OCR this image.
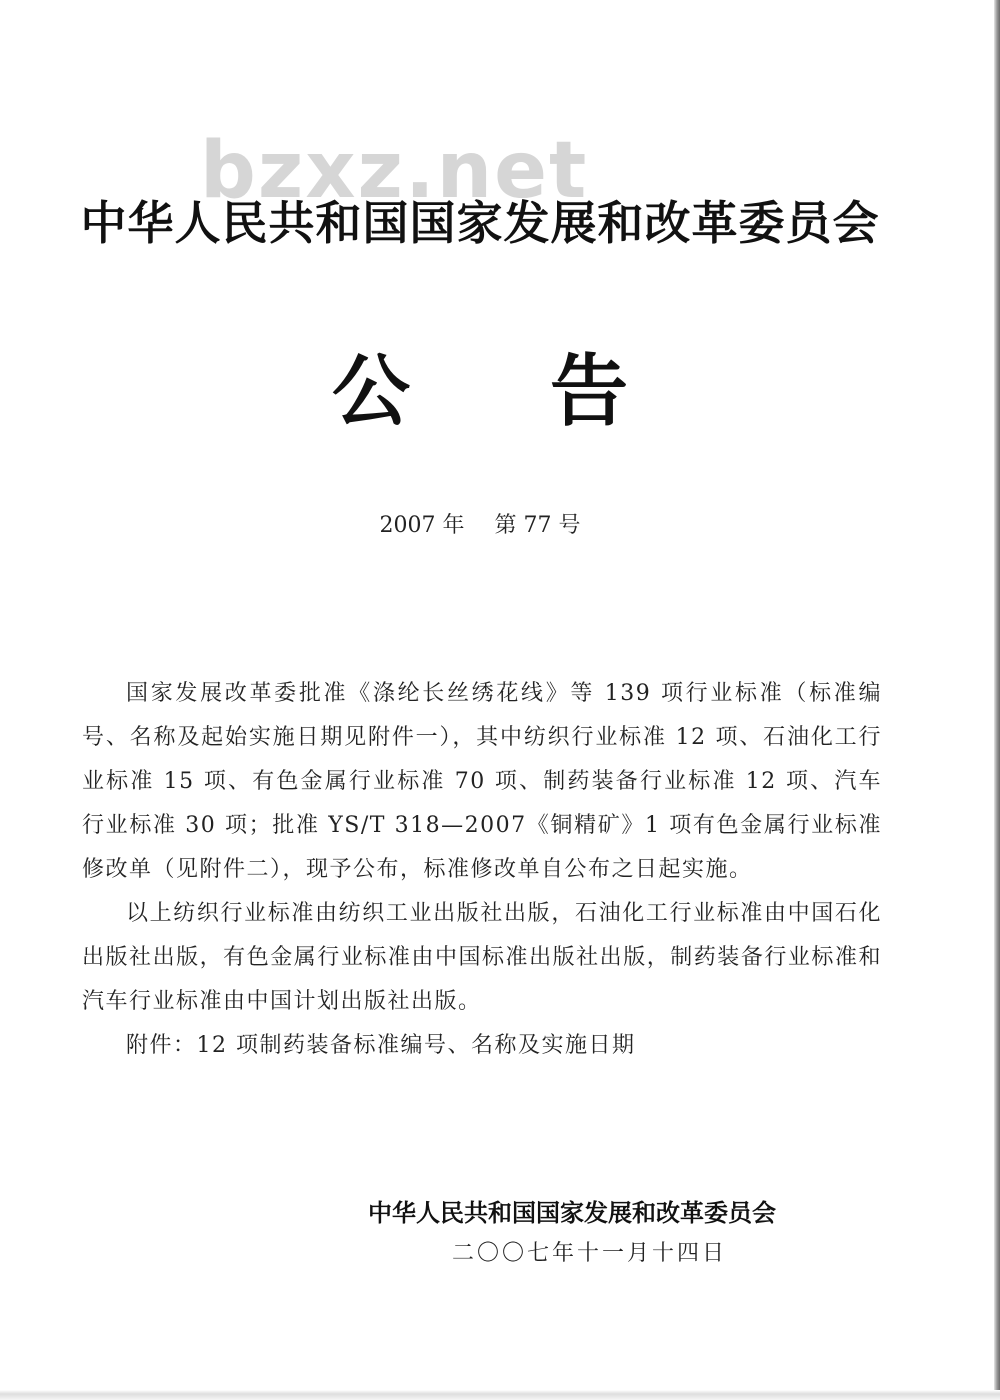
bzxz.net
中华人民共和国国家发展和改革委员会
公告
2007 年 第 77 号

国家发展改革委批准《涤纶长丝绣花线》等 139 项行业标准（标准编号、名称及起始实施日期见附件一），其中纺织行业标准 12 项、石油化工行业标准 15 项、有色金属行业标准 70 项、制药装备行业标准 12 项、汽车行业标准 30 项；批准 YS/T 318—2007《铜精矿》1 项有色金属行业标准修改单（见附件二），现予公布，标准修改单自公布之日起实施。

以上纺织行业标准由纺织工业出版社出版，石油化工行业标准由中国石化出版社出版，有色金属行业标准由中国标准出版社出版，制药装备行业标准和汽车行业标准由中国计划出版社出版。

附件：12 项制药装备标准编号、名称及实施日期

中华人民共和国国家发展和改革委员会
二〇〇七年十一月十四日
